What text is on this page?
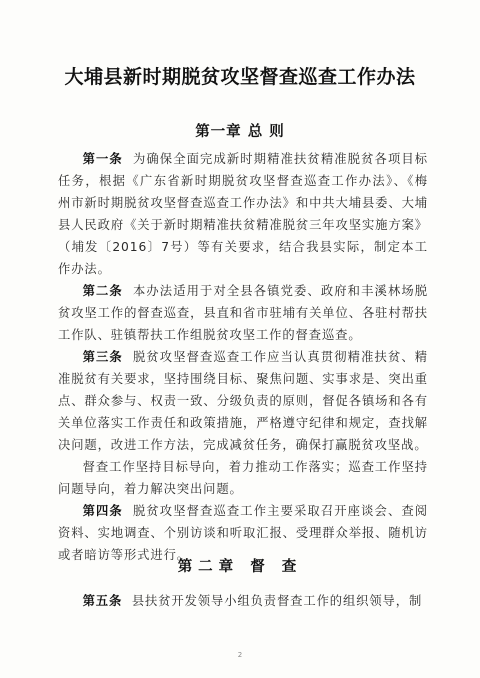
大埔县新时期脱贫攻坚督查巡查工作办法
第一章 总 则

第一条 为确保全面完成新时期精准扶贫精准脱贫各项目标任务，根据《广东省新时期脱贫攻坚督查巡查工作办法》、《梅州市新时期脱贫攻坚督查巡查工作办法》和中共大埔县委、大埔县人民政府《关于新时期精准扶贫精准脱贫三年攻坚实施方案》（埔发〔2016〕7号）等有关要求，结合我县实际，制定本工作办法。

第二条 本办法适用于对全县各镇党委、政府和丰溪林场脱贫攻坚工作的督查巡查，县直和省市驻埔有关单位、各驻村帮扶工作队、驻镇帮扶工作组脱贫攻坚工作的督查巡查。

第三条 脱贫攻坚督查巡查工作应当认真贯彻精准扶贫、精准脱贫有关要求，坚持围绕目标、聚焦问题、实事求是、突出重点、群众参与、权责一致、分级负责的原则，督促各镇场和各有关单位落实工作责任和政策措施，严格遵守纪律和规定，查找解决问题，改进工作方法，完成减贫任务，确保打赢脱贫攻坚战。

督查工作坚持目标导向，着力推动工作落实；巡查工作坚持问题导向，着力解决突出问题。

第四条 脱贫攻坚督查巡查工作主要采取召开座谈会、查阅资料、实地调查、个别访谈和听取汇报、受理群众举报、随机访或者暗访等形式进行。

第二章 督 查

第五条 县扶贫开发领导小组负责督查工作的组织领导，制

2
